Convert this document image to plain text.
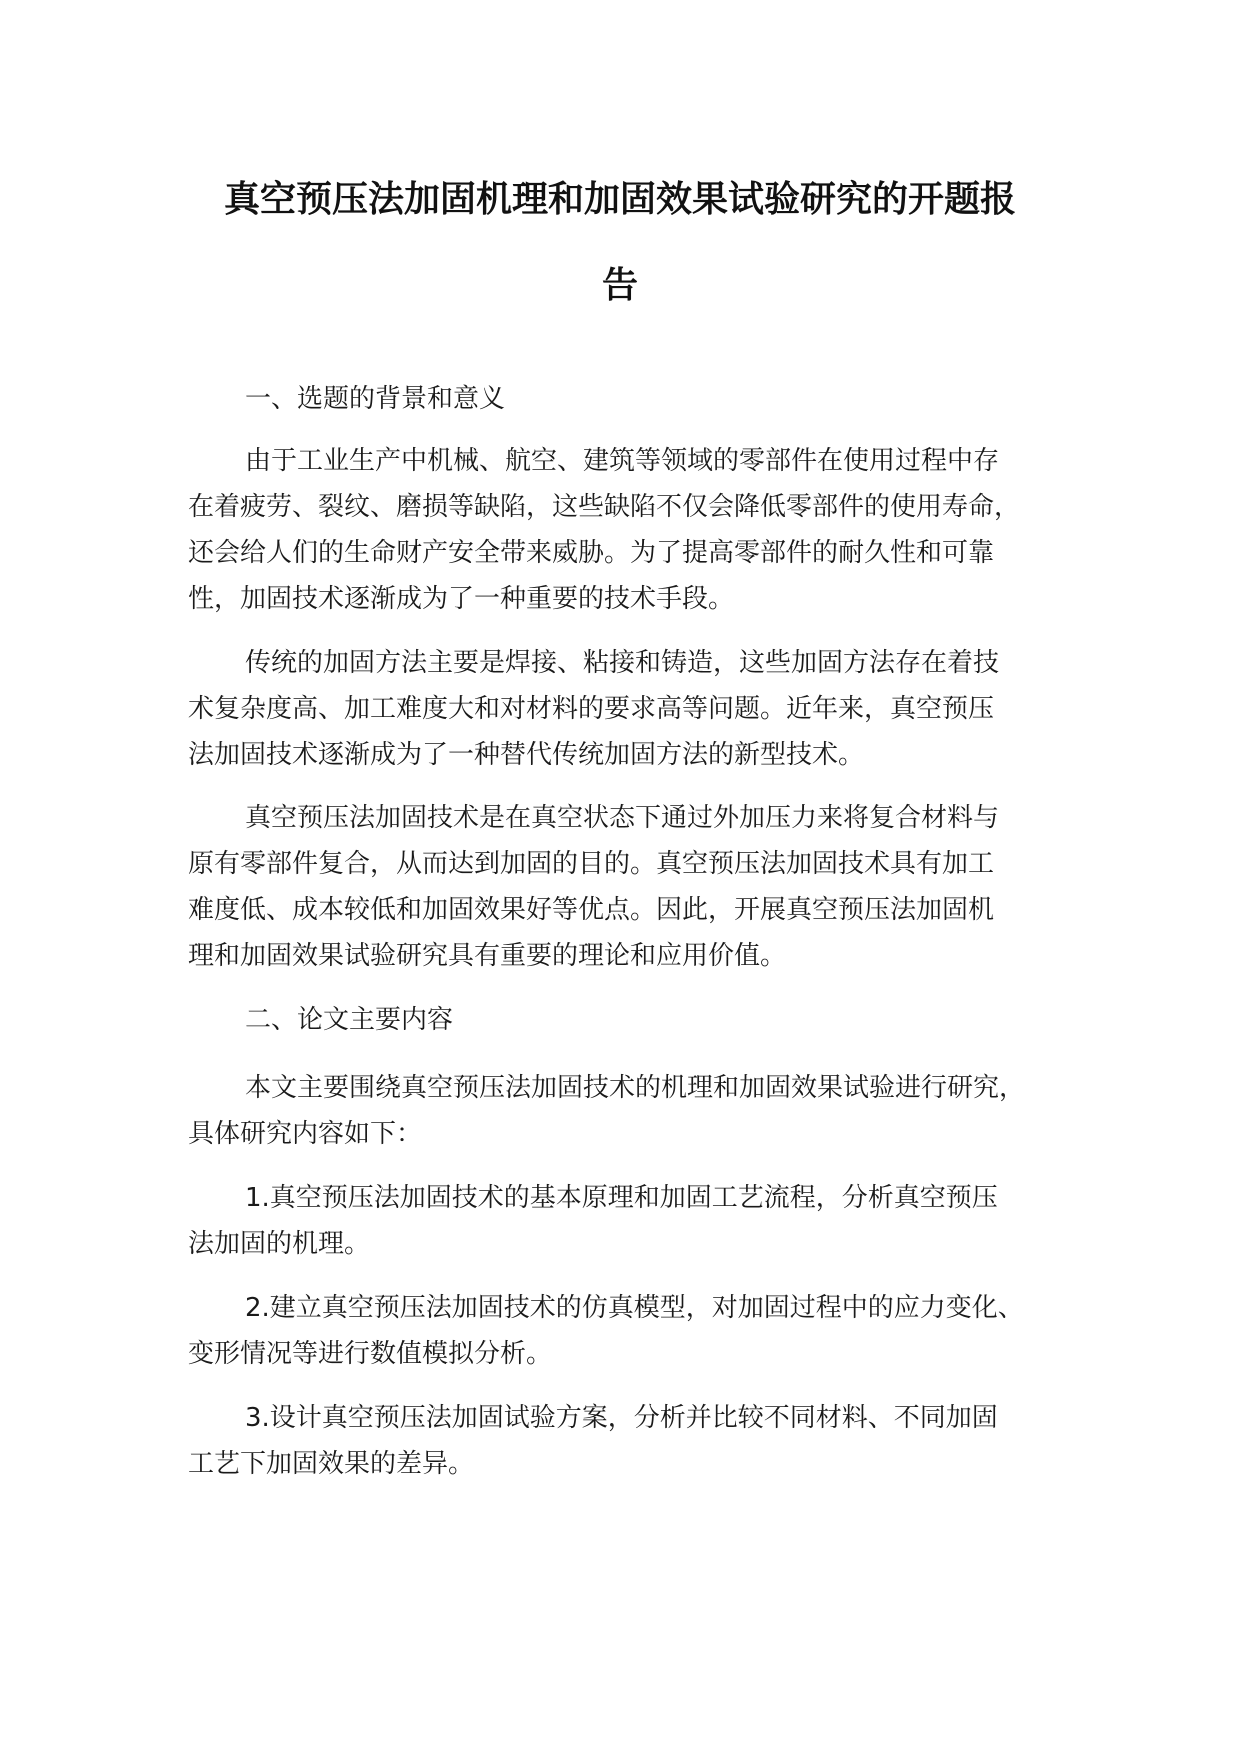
真空预压法加固机理和加固效果试验研究的开题报
告
一、选题的背景和意义
由于工业生产中机械、航空、建筑等领域的零部件在使用过程中存
在着疲劳、裂纹、磨损等缺陷，这些缺陷不仅会降低零部件的使用寿命，
还会给人们的生命财产安全带来威胁。为了提高零部件的耐久性和可靠
性，加固技术逐渐成为了一种重要的技术手段。
传统的加固方法主要是焊接、粘接和铸造，这些加固方法存在着技
术复杂度高、加工难度大和对材料的要求高等问题。近年来，真空预压
法加固技术逐渐成为了一种替代传统加固方法的新型技术。
真空预压法加固技术是在真空状态下通过外加压力来将复合材料与
原有零部件复合，从而达到加固的目的。真空预压法加固技术具有加工
难度低、成本较低和加固效果好等优点。因此，开展真空预压法加固机
理和加固效果试验研究具有重要的理论和应用价值。
二、论文主要内容
本文主要围绕真空预压法加固技术的机理和加固效果试验进行研究，
具体研究内容如下：
1.真空预压法加固技术的基本原理和加固工艺流程，分析真空预压
法加固的机理。
2.建立真空预压法加固技术的仿真模型，对加固过程中的应力变化、
变形情况等进行数值模拟分析。
3.设计真空预压法加固试验方案，分析并比较不同材料、不同加固
工艺下加固效果的差异。
